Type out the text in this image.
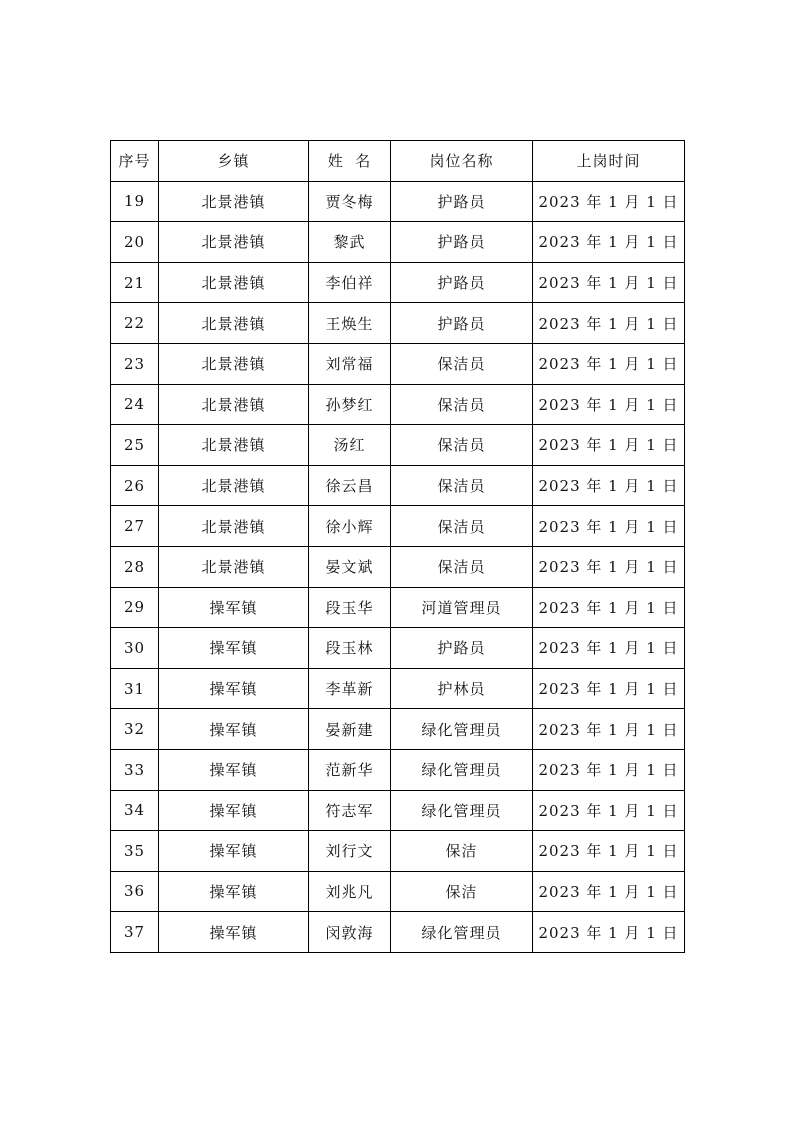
序号	乡镇	姓  名	岗位名称	上岗时间
19	北景港镇	贾冬梅	护路员	2023 年 1 月 1 日
20	北景港镇	黎武	护路员	2023 年 1 月 1 日
21	北景港镇	李伯祥	护路员	2023 年 1 月 1 日
22	北景港镇	王焕生	护路员	2023 年 1 月 1 日
23	北景港镇	刘常福	保洁员	2023 年 1 月 1 日
24	北景港镇	孙梦红	保洁员	2023 年 1 月 1 日
25	北景港镇	汤红	保洁员	2023 年 1 月 1 日
26	北景港镇	徐云昌	保洁员	2023 年 1 月 1 日
27	北景港镇	徐小辉	保洁员	2023 年 1 月 1 日
28	北景港镇	晏文斌	保洁员	2023 年 1 月 1 日
29	操军镇	段玉华	河道管理员	2023 年 1 月 1 日
30	操军镇	段玉林	护路员	2023 年 1 月 1 日
31	操军镇	李革新	护林员	2023 年 1 月 1 日
32	操军镇	晏新建	绿化管理员	2023 年 1 月 1 日
33	操军镇	范新华	绿化管理员	2023 年 1 月 1 日
34	操军镇	符志军	绿化管理员	2023 年 1 月 1 日
35	操军镇	刘行文	保洁	2023 年 1 月 1 日
36	操军镇	刘兆凡	保洁	2023 年 1 月 1 日
37	操军镇	闵敦海	绿化管理员	2023 年 1 月 1 日
